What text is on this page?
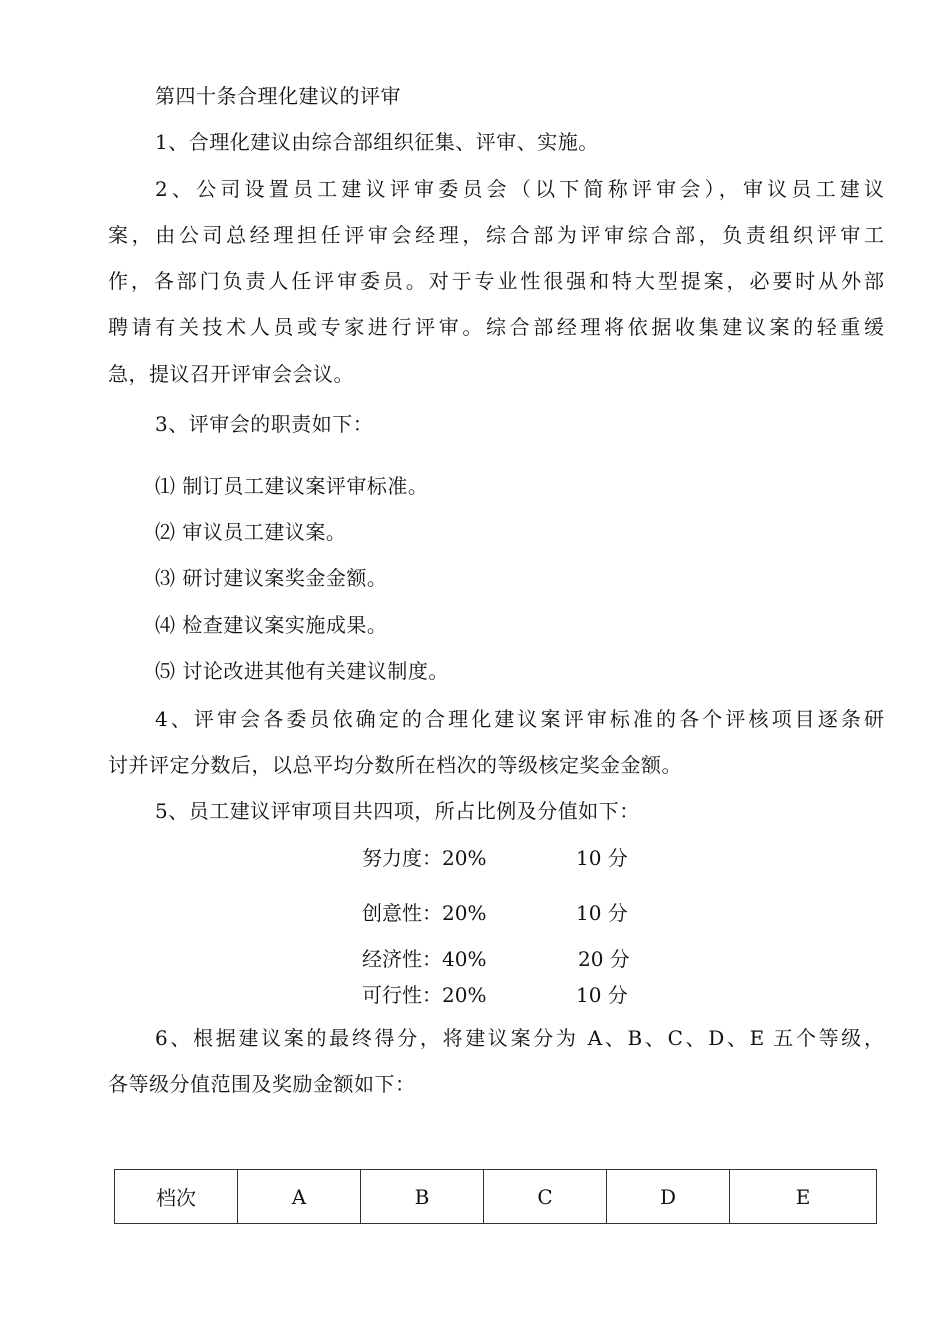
第四十条合理化建议的评审
1、合理化建议由综合部组织征集、评审、实施。
2、公司设置员工建议评审委员会（以下简称评审会），审议员工建议
案，由公司总经理担任评审会经理，综合部为评审综合部，负责组织评审工
作，各部门负责人任评审委员。对于专业性很强和特大型提案，必要时从外部
聘请有关技术人员或专家进行评审。综合部经理将依据收集建议案的轻重缓
急，提议召开评审会会议。
3、评审会的职责如下：
⑴ 制订员工建议案评审标准。
⑵ 审议员工建议案。
⑶ 研讨建议案奖金金额。
⑷ 检查建议案实施成果。
⑸ 讨论改进其他有关建议制度。
4、评审会各委员依确定的合理化建议案评审标准的各个评核项目逐条研
讨并评定分数后，以总平均分数所在档次的等级核定奖金金额。
5、员工建议评审项目共四项，所占比例及分值如下：
努力度：20%	10 分
创意性：20%	10 分
经济性：40%	20 分
可行性：20%	10 分
6、根据建议案的最终得分，将建议案分为 A、B、C、D、E 五个等级，
各等级分值范围及奖励金额如下：
档次	A	B	C	D	E
